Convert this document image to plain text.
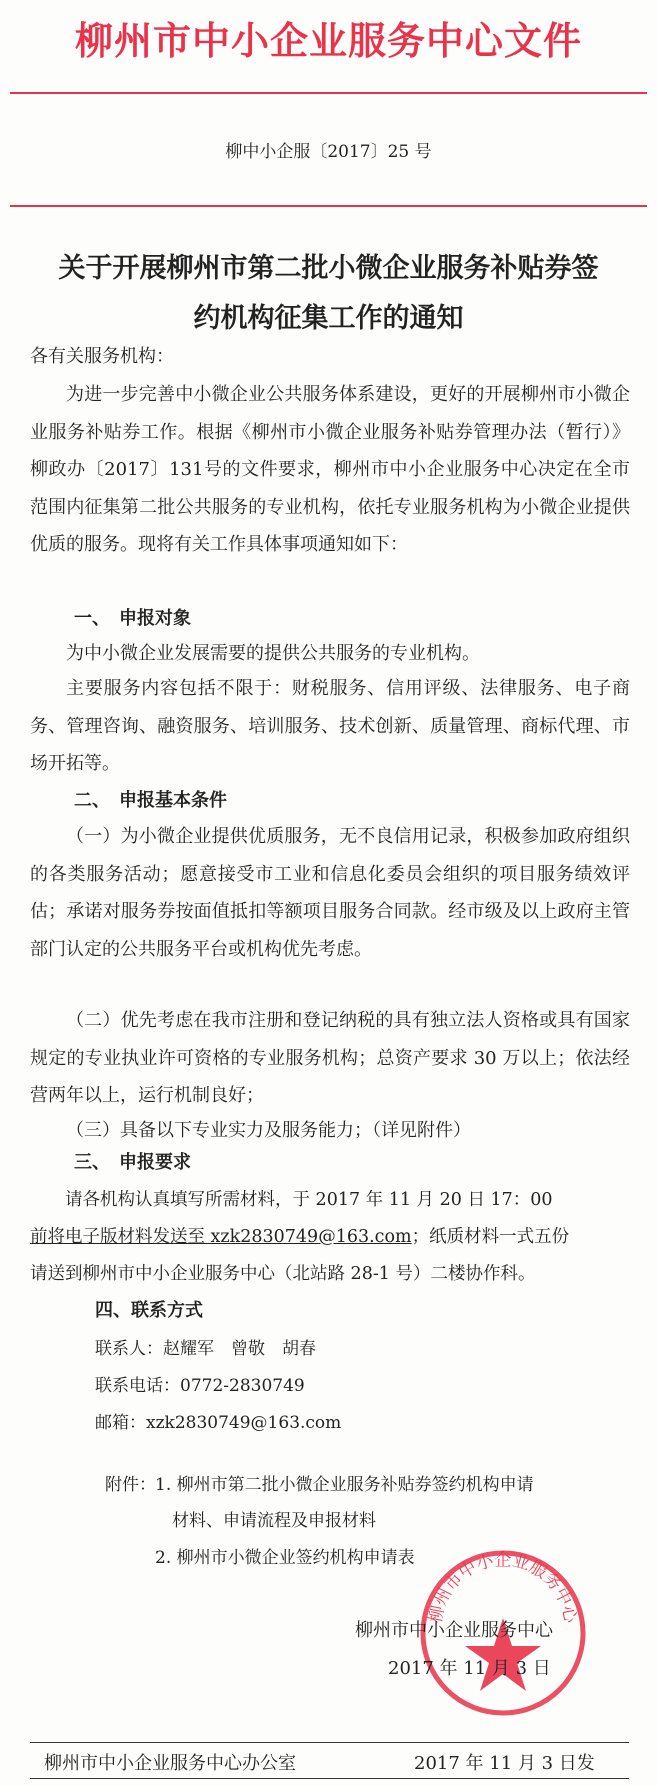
柳州市中小企业服务中心文件
柳中小企服〔2017〕25 号
关于开展柳州市第二批小微企业服务补贴券签
约机构征集工作的通知

各有关服务机构：

为进一步完善中小微企业公共服务体系建设，更好的开展柳州市小微企业服务补贴券工作。根据《柳州市小微企业服务补贴券管理办法（暂行）》柳政办〔2017〕131号的文件要求，柳州市中小企业服务中心决定在全市范围内征集第二批公共服务的专业机构，依托专业服务机构为小微企业提供优质的服务。现将有关工作具体事项通知如下：

一、　申报对象

为中小微企业发展需要的提供公共服务的专业机构。

主要服务内容包括不限于：财税服务、信用评级、法律服务、电子商务、管理咨询、融资服务、培训服务、技术创新、质量管理、商标代理、市场开拓等。

二、　申报基本条件

（一）为小微企业提供优质服务，无不良信用记录，积极参加政府组织的各类服务活动；愿意接受市工业和信息化委员会组织的项目服务绩效评估；承诺对服务券按面值抵扣等额项目服务合同款。经市级及以上政府主管部门认定的公共服务平台或机构优先考虑。

（二）优先考虑在我市注册和登记纳税的具有独立法人资格或具有国家规定的专业执业许可资格的专业服务机构；总资产要求 30 万以上；依法经营两年以上，运行机制良好；

（三）具备以下专业实力及服务能力；（详见附件）

三、　申报要求

请各机构认真填写所需材料，于 2017 年 11 月 20 日 17：00
前将电子版材料发送至 xzk2830749@163.com；纸质材料一式五份
请送到柳州市中小企业服务中心（北站路 28-1 号）二楼协作科。

四、联系方式

联系人：赵耀军　曾敬　胡春

联系电话：0772-2830749

邮箱：xzk2830749@163.com

附件： 1. 柳州市第二批小微企业服务补贴券签约机构申请

材料、申请流程及申报材料

2. 柳州市小微企业签约机构申请表

柳州市中小企业服务中心

柳州市中小企业服务中心

2017 年 11 月 3 日

柳州市中小企业服务中心办公室	2017 年 11 月 3 日发
